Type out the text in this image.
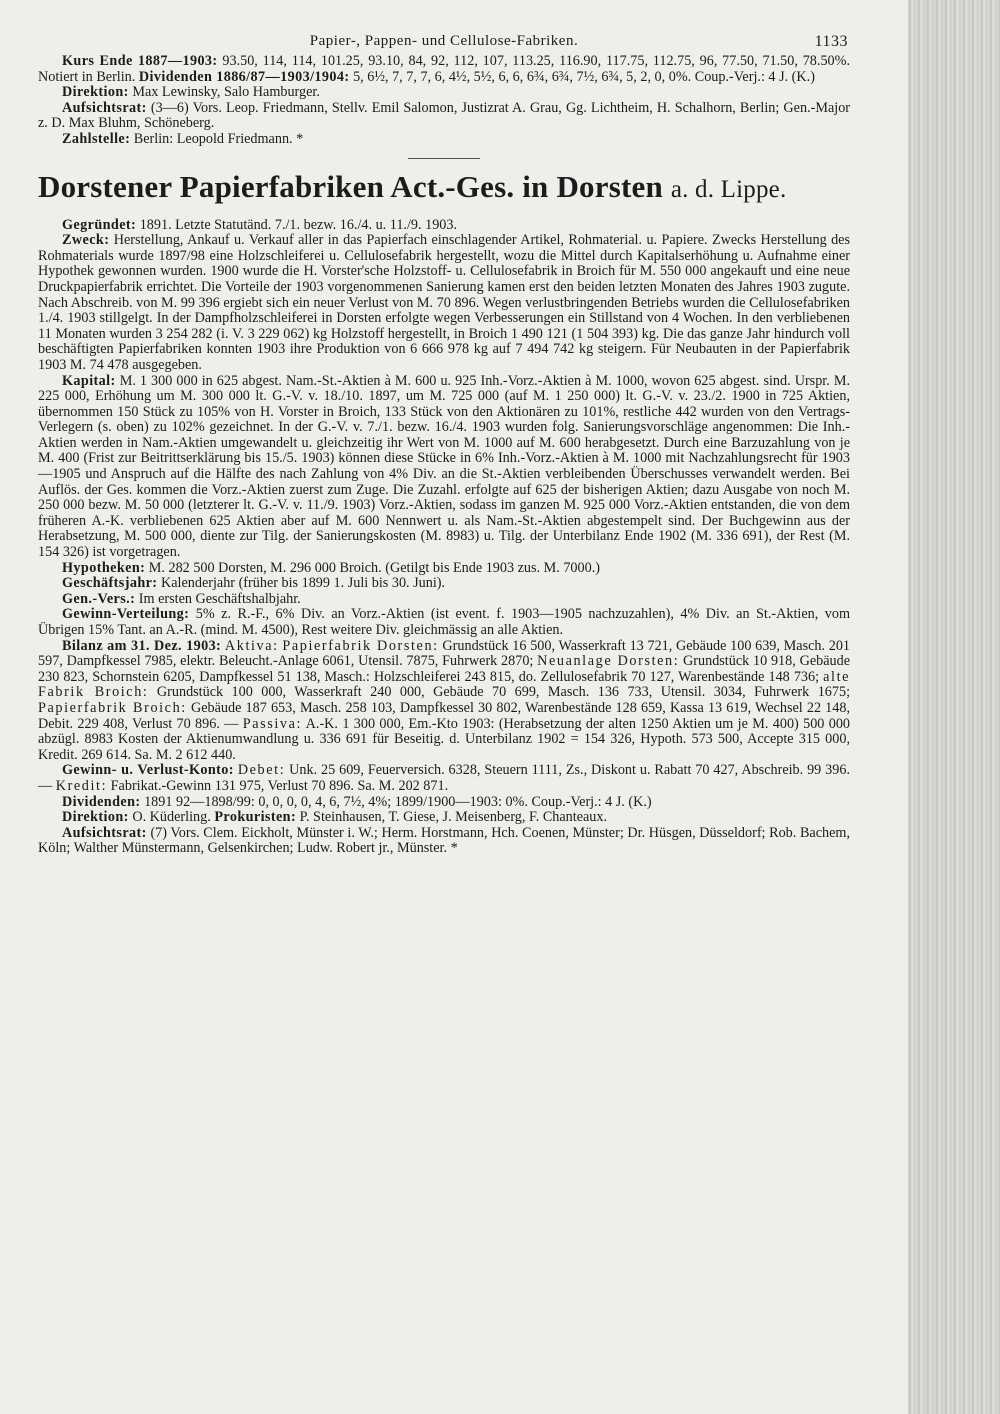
Papier-, Pappen- und Cellulose-Fabriken.	1133

Kurs Ende 1887—1903: 93.50, 114, 114, 101.25, 93.10, 84, 92, 112, 107, 113.25, 116.90, 117.75, 112.75, 96, 77.50, 71.50, 78.50%. Notiert in Berlin. Dividenden 1886/87—1903/1904: 5, 6½, 7, 7, 7, 6, 4½, 5½, 6, 6, 6¾, 6¾, 7½, 6¾, 5, 2, 0, 0%. Coup.-Verj.: 4 J. (K.)

Direktion: Max Lewinsky, Salo Hamburger.

Aufsichtsrat: (3—6) Vors. Leop. Friedmann, Stellv. Emil Salomon, Justizrat A. Grau, Gg. Lichtheim, H. Schalhorn, Berlin; Gen.-Major z. D. Max Bluhm, Schöneberg.

Zahlstelle: Berlin: Leopold Friedmann. *

Dorstener Papierfabriken Act.-Ges. in Dorsten a. d. Lippe.

Gegründet: 1891. Letzte Statutänd. 7./1. bezw. 16./4. u. 11./9. 1903.

Zweck: Herstellung, Ankauf u. Verkauf aller in das Papierfach einschlagender Artikel, Rohmaterial. u. Papiere. Zwecks Herstellung des Rohmaterials wurde 1897/98 eine Holzschleiferei u. Cellulosefabrik hergestellt, wozu die Mittel durch Kapitalserhöhung u. Aufnahme einer Hypothek gewonnen wurden. 1900 wurde die H. Vorster'sche Holzstoff- u. Cellulosefabrik in Broich für M. 550 000 angekauft und eine neue Druckpapierfabrik errichtet. Die Vorteile der 1903 vorgenommenen Sanierung kamen erst den beiden letzten Monaten des Jahres 1903 zugute. Nach Abschreib. von M. 99 396 ergiebt sich ein neuer Verlust von M. 70 896. Wegen verlustbringenden Betriebs wurden die Cellulosefabriken 1./4. 1903 stillgelgt. In der Dampfholzschleiferei in Dorsten erfolgte wegen Verbesserungen ein Stillstand von 4 Wochen. In den verbliebenen 11 Monaten wurden 3 254 282 (i. V. 3 229 062) kg Holzstoff hergestellt, in Broich 1 490 121 (1 504 393) kg. Die das ganze Jahr hindurch voll beschäftigten Papierfabriken konnten 1903 ihre Produktion von 6 666 978 kg auf 7 494 742 kg steigern. Für Neubauten in der Papierfabrik 1903 M. 74 478 ausgegeben.

Kapital: M. 1 300 000 in 625 abgest. Nam.-St.-Aktien à M. 600 u. 925 Inh.-Vorz.-Aktien à M. 1000, wovon 625 abgest. sind. Urspr. M. 225 000, Erhöhung um M. 300 000 lt. G.-V. v. 18./10. 1897, um M. 725 000 (auf M. 1 250 000) lt. G.-V. v. 23./2. 1900 in 725 Aktien, übernommen 150 Stück zu 105% von H. Vorster in Broich, 133 Stück von den Aktionären zu 101%, restliche 442 wurden von den Vertrags-Verlegern (s. oben) zu 102% gezeichnet. In der G.-V. v. 7./1. bezw. 16./4. 1903 wurden folg. Sanierungsvorschläge angenommen: Die Inh.-Aktien werden in Nam.-Aktien umgewandelt u. gleichzeitig ihr Wert von M. 1000 auf M. 600 herabgesetzt. Durch eine Barzuzahlung von je M. 400 (Frist zur Beitrittserklärung bis 15./5. 1903) können diese Stücke in 6% Inh.-Vorz.-Aktien à M. 1000 mit Nachzahlungsrecht für 1903—1905 und Anspruch auf die Hälfte des nach Zahlung von 4% Div. an die St.-Aktien verbleibenden Überschusses verwandelt werden. Bei Auflös. der Ges. kommen die Vorz.-Aktien zuerst zum Zuge. Die Zuzahl. erfolgte auf 625 der bisherigen Aktien; dazu Ausgabe von noch M. 250 000 bezw. M. 50 000 (letzterer lt. G.-V. v. 11./9. 1903) Vorz.-Aktien, sodass im ganzen M. 925 000 Vorz.-Aktien entstanden, die von dem früheren A.-K. verbliebenen 625 Aktien aber auf M. 600 Nennwert u. als Nam.-St.-Aktien abgestempelt sind. Der Buchgewinn aus der Herabsetzung, M. 500 000, diente zur Tilg. der Sanierungskosten (M. 8983) u. Tilg. der Unterbilanz Ende 1902 (M. 336 691), der Rest (M. 154 326) ist vorgetragen.

Hypotheken: M. 282 500 Dorsten, M. 296 000 Broich. (Getilgt bis Ende 1903 zus. M. 7000.)

Geschäftsjahr: Kalenderjahr (früher bis 1899 1. Juli bis 30. Juni).

Gen.-Vers.: Im ersten Geschäftshalbjahr.

Gewinn-Verteilung: 5% z. R.-F., 6% Div. an Vorz.-Aktien (ist event. f. 1903—1905 nachzuzahlen), 4% Div. an St.-Aktien, vom Übrigen 15% Tant. an A.-R. (mind. M. 4500), Rest weitere Div. gleichmässig an alle Aktien.

Bilanz am 31. Dez. 1903: Aktiva: Papierfabrik Dorsten: Grundstück 16 500, Wasserkraft 13 721, Gebäude 100 639, Masch. 201 597, Dampfkessel 7985, elektr. Beleucht.-Anlage 6061, Utensil. 7875, Fuhrwerk 2870; Neuanlage Dorsten: Grundstück 10 918, Gebäude 230 823, Schornstein 6205, Dampfkessel 51 138, Masch.: Holzschleiferei 243 815, do. Zellulosefabrik 70 127, Warenbestände 148 736; alte Fabrik Broich: Grundstück 100 000, Wasserkraft 240 000, Gebäude 70 699, Masch. 136 733, Utensil. 3034, Fuhrwerk 1675; Papierfabrik Broich: Gebäude 187 653, Masch. 258 103, Dampfkessel 30 802, Warenbestände 128 659, Kassa 13 619, Wechsel 22 148, Debit. 229 408, Verlust 70 896. — Passiva: A.-K. 1 300 000, Em.-Kto 1903: (Herabsetzung der alten 1250 Aktien um je M. 400) 500 000 abzügl. 8983 Kosten der Aktienumwandlung u. 336 691 für Beseitig. d. Unterbilanz 1902 = 154 326, Hypoth. 573 500, Accepte 315 000, Kredit. 269 614. Sa. M. 2 612 440.

Gewinn- u. Verlust-Konto: Debet: Unk. 25 609, Feuerversich. 6328, Steuern 1111, Zs., Diskont u. Rabatt 70 427, Abschreib. 99 396. — Kredit: Fabrikat.-Gewinn 131 975, Verlust 70 896. Sa. M. 202 871.

Dividenden: 1891 92—1898/99: 0, 0, 0, 0, 4, 6, 7½, 4%; 1899/1900—1903: 0%. Coup.-Verj.: 4 J. (K.)

Direktion: O. Küderling. Prokuristen: P. Steinhausen, T. Giese, J. Meisenberg, F. Chanteaux.

Aufsichtsrat: (7) Vors. Clem. Eickholt, Münster i. W.; Herm. Horstmann, Hch. Coenen, Münster; Dr. Hüsgen, Düsseldorf; Rob. Bachem, Köln; Walther Münstermann, Gelsenkirchen; Ludw. Robert jr., Münster. *
